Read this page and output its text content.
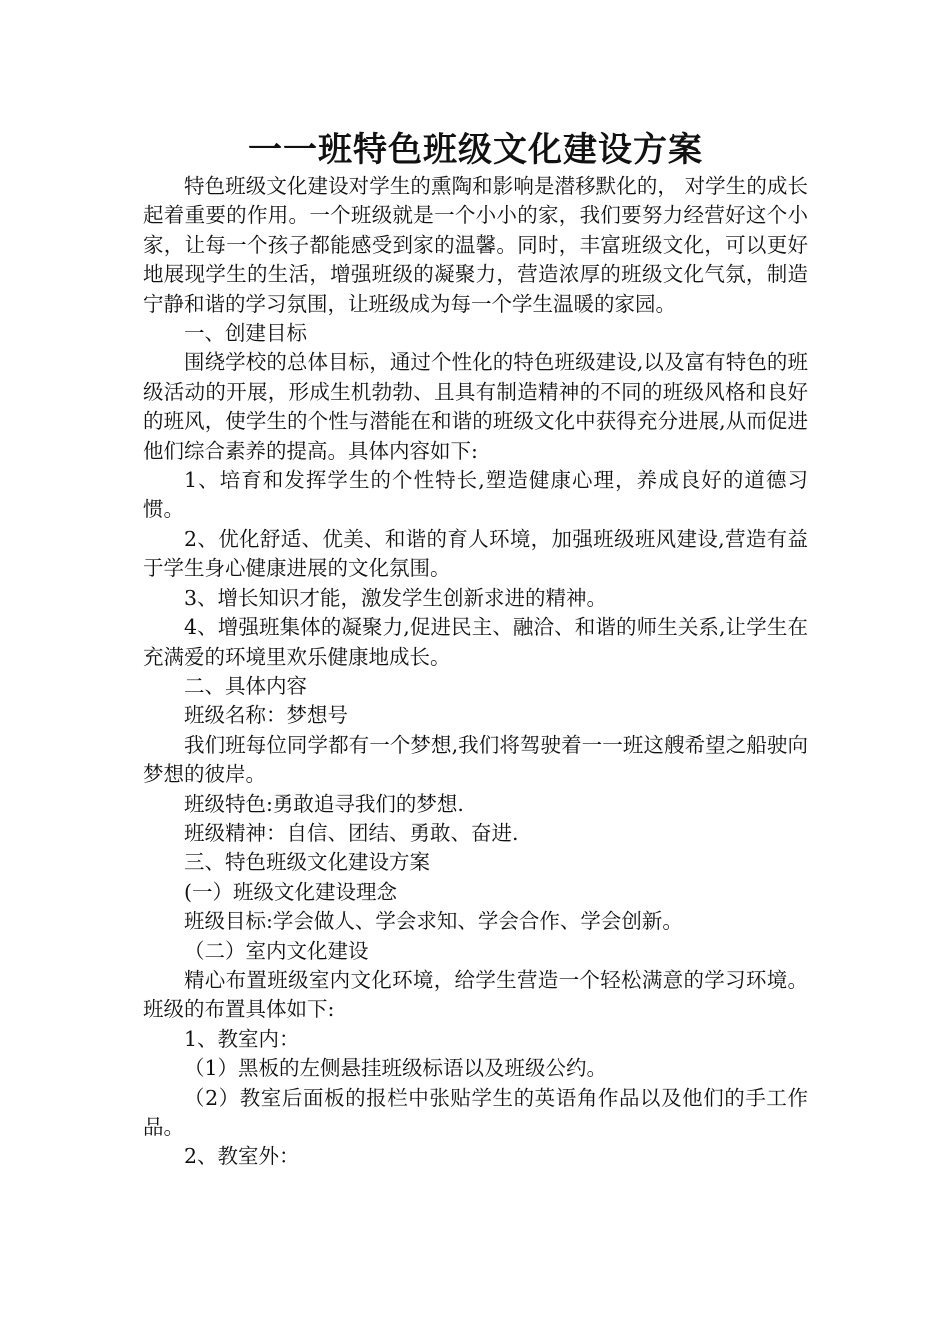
一一班特色班级文化建设方案

特色班级文化建设对学生的熏陶和影响是潜移默化的， 对学生的成长起着重要的作用。一个班级就是一个小小的家，我们要努力经营好这个小家，让每一个孩子都能感受到家的温馨。同时，丰富班级文化，可以更好地展现学生的生活，增强班级的凝聚力，营造浓厚的班级文化气氛，制造宁静和谐的学习氛围，让班级成为每一个学生温暖的家园。

一、创建目标

围绕学校的总体目标，通过个性化的特色班级建设,以及富有特色的班级活动的开展，形成生机勃勃、且具有制造精神的不同的班级风格和良好的班风，使学生的个性与潜能在和谐的班级文化中获得充分进展,从而促进他们综合素养的提高。具体内容如下:

1、培育和发挥学生的个性特长,塑造健康心理，养成良好的道德习惯。

2、优化舒适、优美、和谐的育人环境，加强班级班风建设,营造有益于学生身心健康进展的文化氛围。

3、增长知识才能，激发学生创新求进的精神。

4、增强班集体的凝聚力,促进民主、融洽、和谐的师生关系,让学生在充满爱的环境里欢乐健康地成长。

二、具体内容

班级名称：梦想号

我们班每位同学都有一个梦想,我们将驾驶着一一班这艘希望之船驶向梦想的彼岸。

班级特色:勇敢追寻我们的梦想.

班级精神：自信、团结、勇敢、奋进.

三、特色班级文化建设方案

(一）班级文化建设理念

班级目标:学会做人、学会求知、学会合作、学会创新。

（二）室内文化建设

精心布置班级室内文化环境，给学生营造一个轻松满意的学习环境。班级的布置具体如下:

1、教室内：

（1）黑板的左侧悬挂班级标语以及班级公约。

（2）教室后面板的报栏中张贴学生的英语角作品以及他们的手工作品。

2、教室外：
